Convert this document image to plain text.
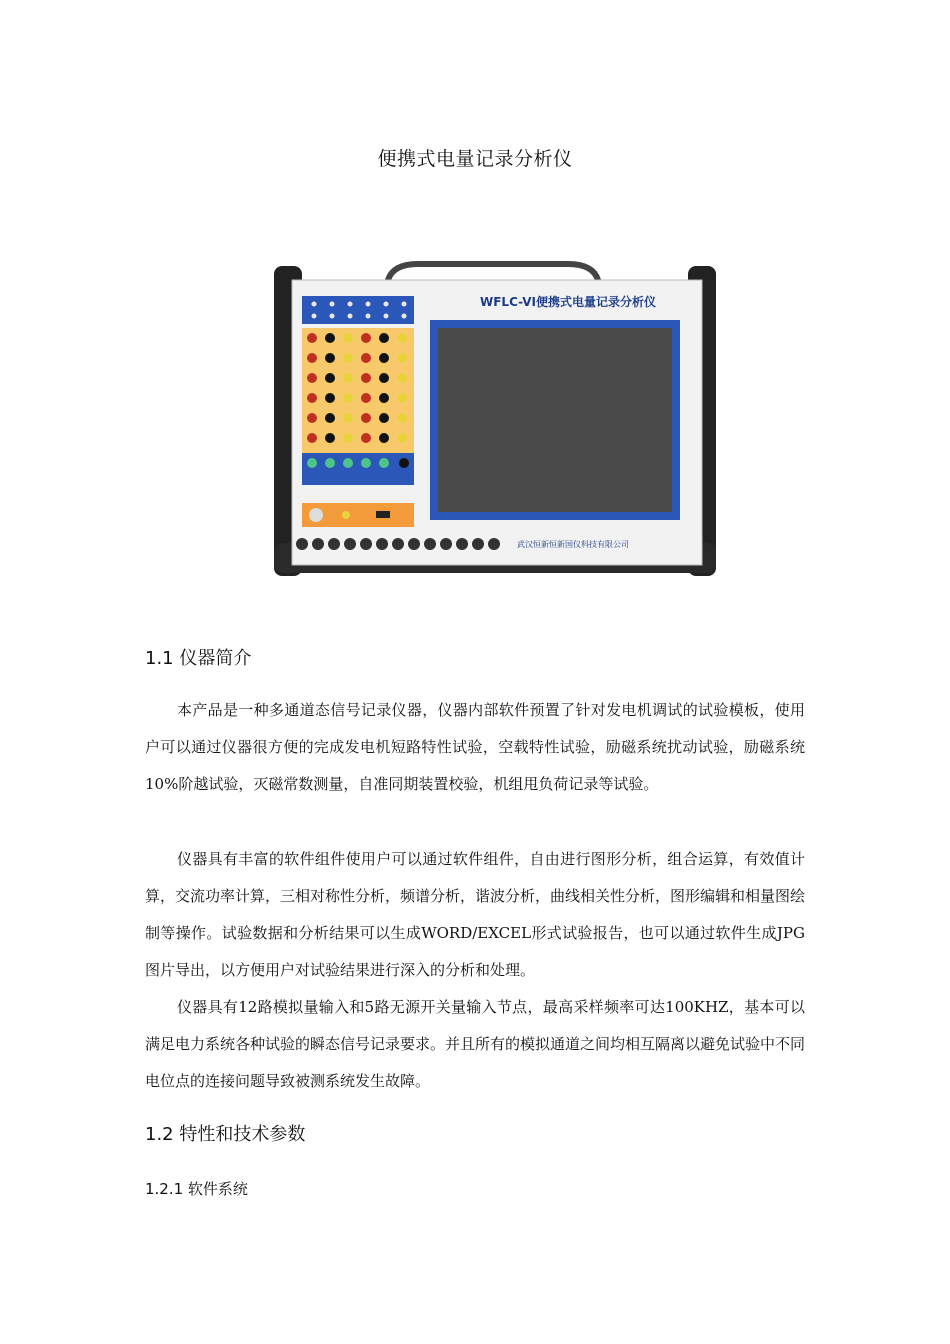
便携式电量记录分析仪
WFLC-VI便携式电量记录分析仪
武汉恒新恒新国仪科技有限公司
1.1 仪器简介
本产品是一种多通道态信号记录仪器，仪器内部软件预置了针对发电机调试的试验模板，使用户可以通过仪器很方便的完成发电机短路特性试验，空载特性试验，励磁系统扰动试验，励磁系统10%阶越试验，灭磁常数测量，自准同期装置校验，机组甩负荷记录等试验。
仪器具有丰富的软件组件使用户可以通过软件组件，自由进行图形分析，组合运算，有效值计算，交流功率计算，三相对称性分析，频谱分析，谐波分析，曲线相关性分析，图形编辑和相量图绘制等操作。试验数据和分析结果可以生成WORD/EXCEL形式试验报告，也可以通过软件生成JPG图片导出，以方便用户对试验结果进行深入的分析和处理。
仪器具有12路模拟量输入和5路无源开关量输入节点，最高采样频率可达100KHZ，基本可以满足电力系统各种试验的瞬态信号记录要求。并且所有的模拟通道之间均相互隔离以避免试验中不同电位点的连接问题导致被测系统发生故障。
1.2 特性和技术参数
1.2.1 软件系统
